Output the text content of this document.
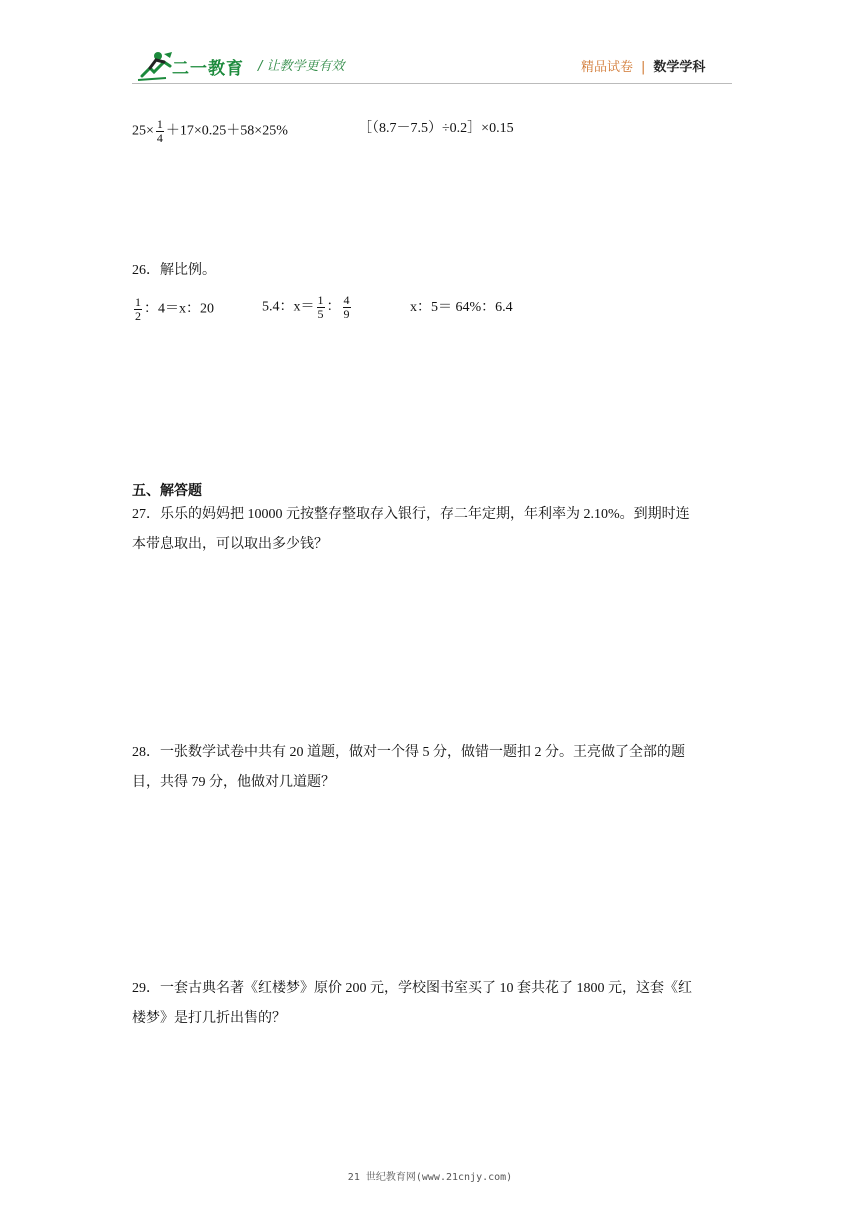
二一教育 / 让教学更有效	精品试卷 | 数学学科
$25\times \frac{1}{4} +17\times 0.25+58\times 25\%$	［（8.7－7.5）÷0.2］×0.15
26．解比例。
$\frac{1}{2}$ ：4＝x：20	5.4：$x= \frac{1}{5}$ ： $\frac{4}{9}$	x：5＝ 64%：6.4
五、解答题
27．乐乐的妈妈把 10000 元按整存整取存入银行，存二年定期，年利率为 2.10%。到期时连
本带息取出，可以取出多少钱？
28．一张数学试卷中共有 20 道题，做对一个得 5 分，做错一题扣 2 分。王亮做了全部的题
目，共得 79 分，他做对几道题？
29．一套古典名著《红楼梦》原价 200 元，学校图书室买了 10 套共花了 1800 元，这套《红
楼梦》是打几折出售的？
21 世纪教育网(www.21cnjy.com)
